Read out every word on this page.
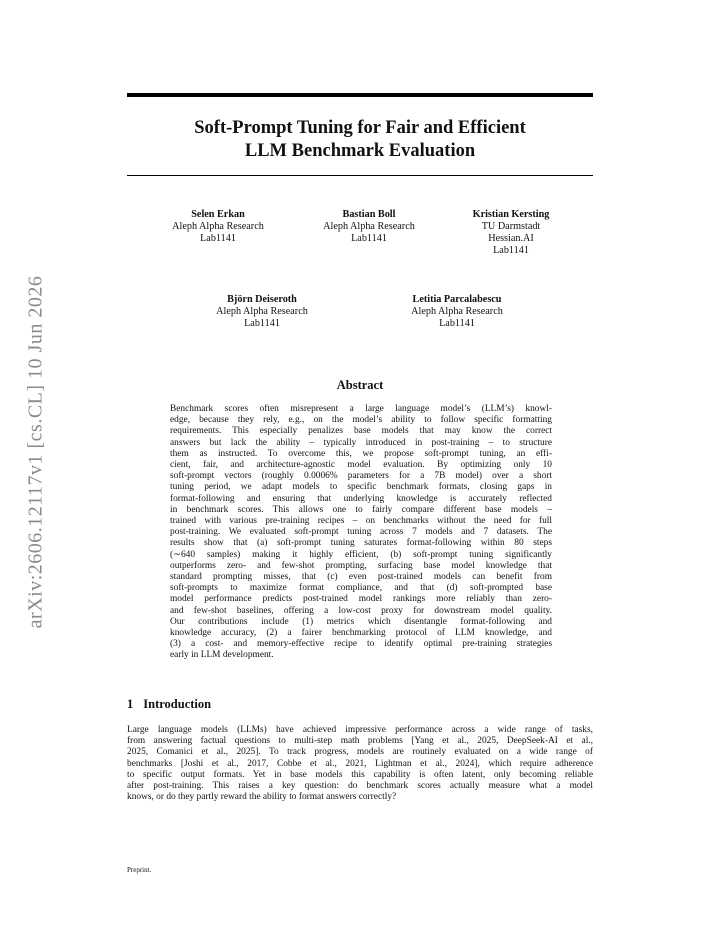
arXiv:2606.12117v1 [cs.CL] 10 Jun 2026
Soft-Prompt Tuning for Fair and Efficient
LLM Benchmark Evaluation
Selen Erkan
Aleph Alpha Research
Lab1141
Bastian Boll
Aleph Alpha Research
Lab1141
Kristian Kersting
TU Darmstadt
Hessian.AI
Lab1141
Björn Deiseroth
Aleph Alpha Research
Lab1141
Letitia Parcalabescu
Aleph Alpha Research
Lab1141
Abstract
Benchmark scores often misrepresent a large language model’s (LLM’s) knowl-
edge, because they rely, e.g., on the model’s ability to follow specific formatting
requirements. This especially penalizes base models that may know the correct
answers but lack the ability – typically introduced in post-training – to structure
them as instructed. To overcome this, we propose soft-prompt tuning, an effi-
cient, fair, and architecture-agnostic model evaluation. By optimizing only 10
soft-prompt vectors (roughly 0.0006% parameters for a 7B model) over a short
tuning period, we adapt models to specific benchmark formats, closing gaps in
format-following and ensuring that underlying knowledge is accurately reflected
in benchmark scores. This allows one to fairly compare different base models –
trained with various pre-training recipes – on benchmarks without the need for full
post-training. We evaluated soft-prompt tuning across 7 models and 7 datasets. The
results show that (a) soft-prompt tuning saturates format-following within 80 steps
(∼640 samples) making it highly efficient, (b) soft-prompt tuning significantly
outperforms zero- and few-shot prompting, surfacing base model knowledge that
standard prompting misses, that (c) even post-trained models can benefit from
soft-prompts to maximize format compliance, and that (d) soft-prompted base
model performance predicts post-trained model rankings more reliably than zero-
and few-shot baselines, offering a low-cost proxy for downstream model quality.
Our contributions include (1) metrics which disentangle format-following and
knowledge accuracy, (2) a fairer benchmarking protocol of LLM knowledge, and
(3) a cost- and memory-effective recipe to identify optimal pre-training strategies
early in LLM development.
1 Introduction
Large language models (LLMs) have achieved impressive performance across a wide range of tasks,
from answering factual questions to multi-step math problems [Yang et al., 2025, DeepSeek-AI et al.,
2025, Comanici et al., 2025]. To track progress, models are routinely evaluated on a wide range of
benchmarks [Joshi et al., 2017, Cobbe et al., 2021, Lightman et al., 2024], which require adherence
to specific output formats. Yet in base models this capability is often latent, only becoming reliable
after post-training. This raises a key question: do benchmark scores actually measure what a model
knows, or do they partly reward the ability to format answers correctly?
Preprint.
